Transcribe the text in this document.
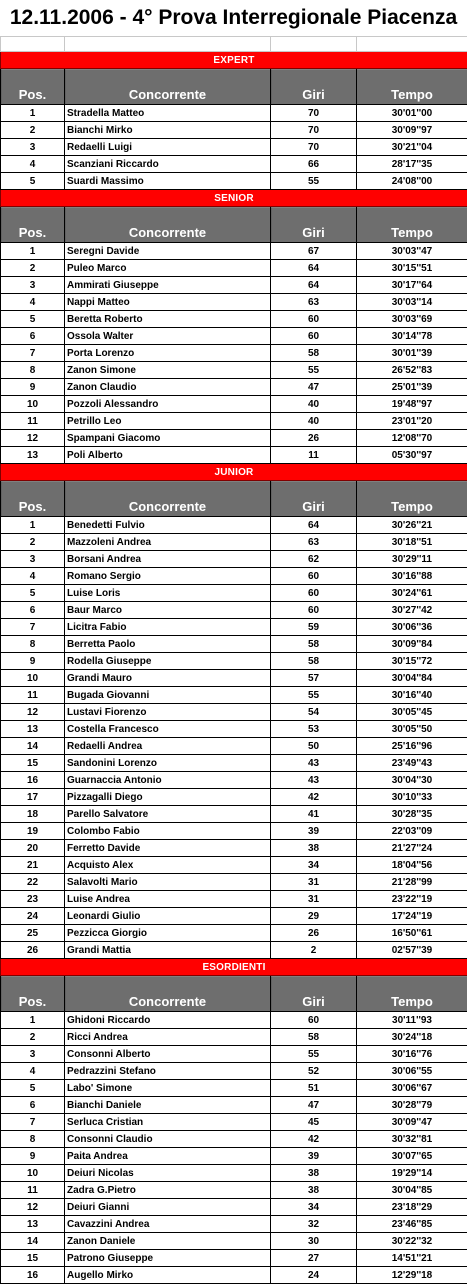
12.11.2006 - 4° Prova Interregionale Piacenza

EXPERT			
Pos.	Concorrente	Giri	Tempo
1	Stradella Matteo	70	30'01''00
2	Bianchi Mirko	70	30'09''97
3	Redaelli Luigi	70	30'21''04
4	Scanziani Riccardo	66	28'17''35
5	Suardi Massimo	55	24'08''00
SENIOR			
Pos.	Concorrente	Giri	Tempo
1	Seregni Davide	67	30'03''47
2	Puleo Marco	64	30'15''51
3	Ammirati Giuseppe	64	30'17''64
4	Nappi Matteo	63	30'03''14
5	Beretta Roberto	60	30'03''69
6	Ossola Walter	60	30'14''78
7	Porta Lorenzo	58	30'01''39
8	Zanon Simone	55	26'52''83
9	Zanon Claudio	47	25'01''39
10	Pozzoli Alessandro	40	19'48''97
11	Petrillo Leo	40	23'01''20
12	Spampani Giacomo	26	12'08''70
13	Poli Alberto	11	05'30''97
JUNIOR			
Pos.	Concorrente	Giri	Tempo
1	Benedetti Fulvio	64	30'26''21
2	Mazzoleni Andrea	63	30'18''51
3	Borsani Andrea	62	30'29''11
4	Romano Sergio	60	30'16''88
5	Luise Loris	60	30'24''61
6	Baur Marco	60	30'27''42
7	Licitra Fabio	59	30'06''36
8	Berretta Paolo	58	30'09''84
9	Rodella Giuseppe	58	30'15''72
10	Grandi Mauro	57	30'04''84
11	Bugada Giovanni	55	30'16''40
12	Lustavi Fiorenzo	54	30'05''45
13	Costella Francesco	53	30'05''50
14	Redaelli Andrea	50	25'16''96
15	Sandonini Lorenzo	43	23'49''43
16	Guarnaccia Antonio	43	30'04''30
17	Pizzagalli Diego	42	30'10''33
18	Parello Salvatore	41	30'28''35
19	Colombo Fabio	39	22'03''09
20	Ferretto Davide	38	21'27''24
21	Acquisto Alex	34	18'04''56
22	Salavolti Mario	31	21'28''99
23	Luise Andrea	31	23'22''19
24	Leonardi Giulio	29	17'24''19
25	Pezzicca Giorgio	26	16'50''61
26	Grandi Mattia	2	02'57''39
ESORDIENTI			
Pos.	Concorrente	Giri	Tempo
1	Ghidoni Riccardo	60	30'11''93
2	Ricci Andrea	58	30'24''18
3	Consonni Alberto	55	30'16''76
4	Pedrazzini Stefano	52	30'06''55
5	Labo' Simone	51	30'06''67
6	Bianchi Daniele	47	30'28''79
7	Serluca Cristian	45	30'09''47
8	Consonni Claudio	42	30'32''81
9	Paita Andrea	39	30'07''65
10	Deiuri Nicolas	38	19'29''14
11	Zadra G.Pietro	38	30'04''85
12	Deiuri Gianni	34	23'18''29
13	Cavazzini Andrea	32	23'46''85
14	Zanon Daniele	30	30'22''32
15	Patrono Giuseppe	27	14'51''21
16	Augello Mirko	24	12'29''18
